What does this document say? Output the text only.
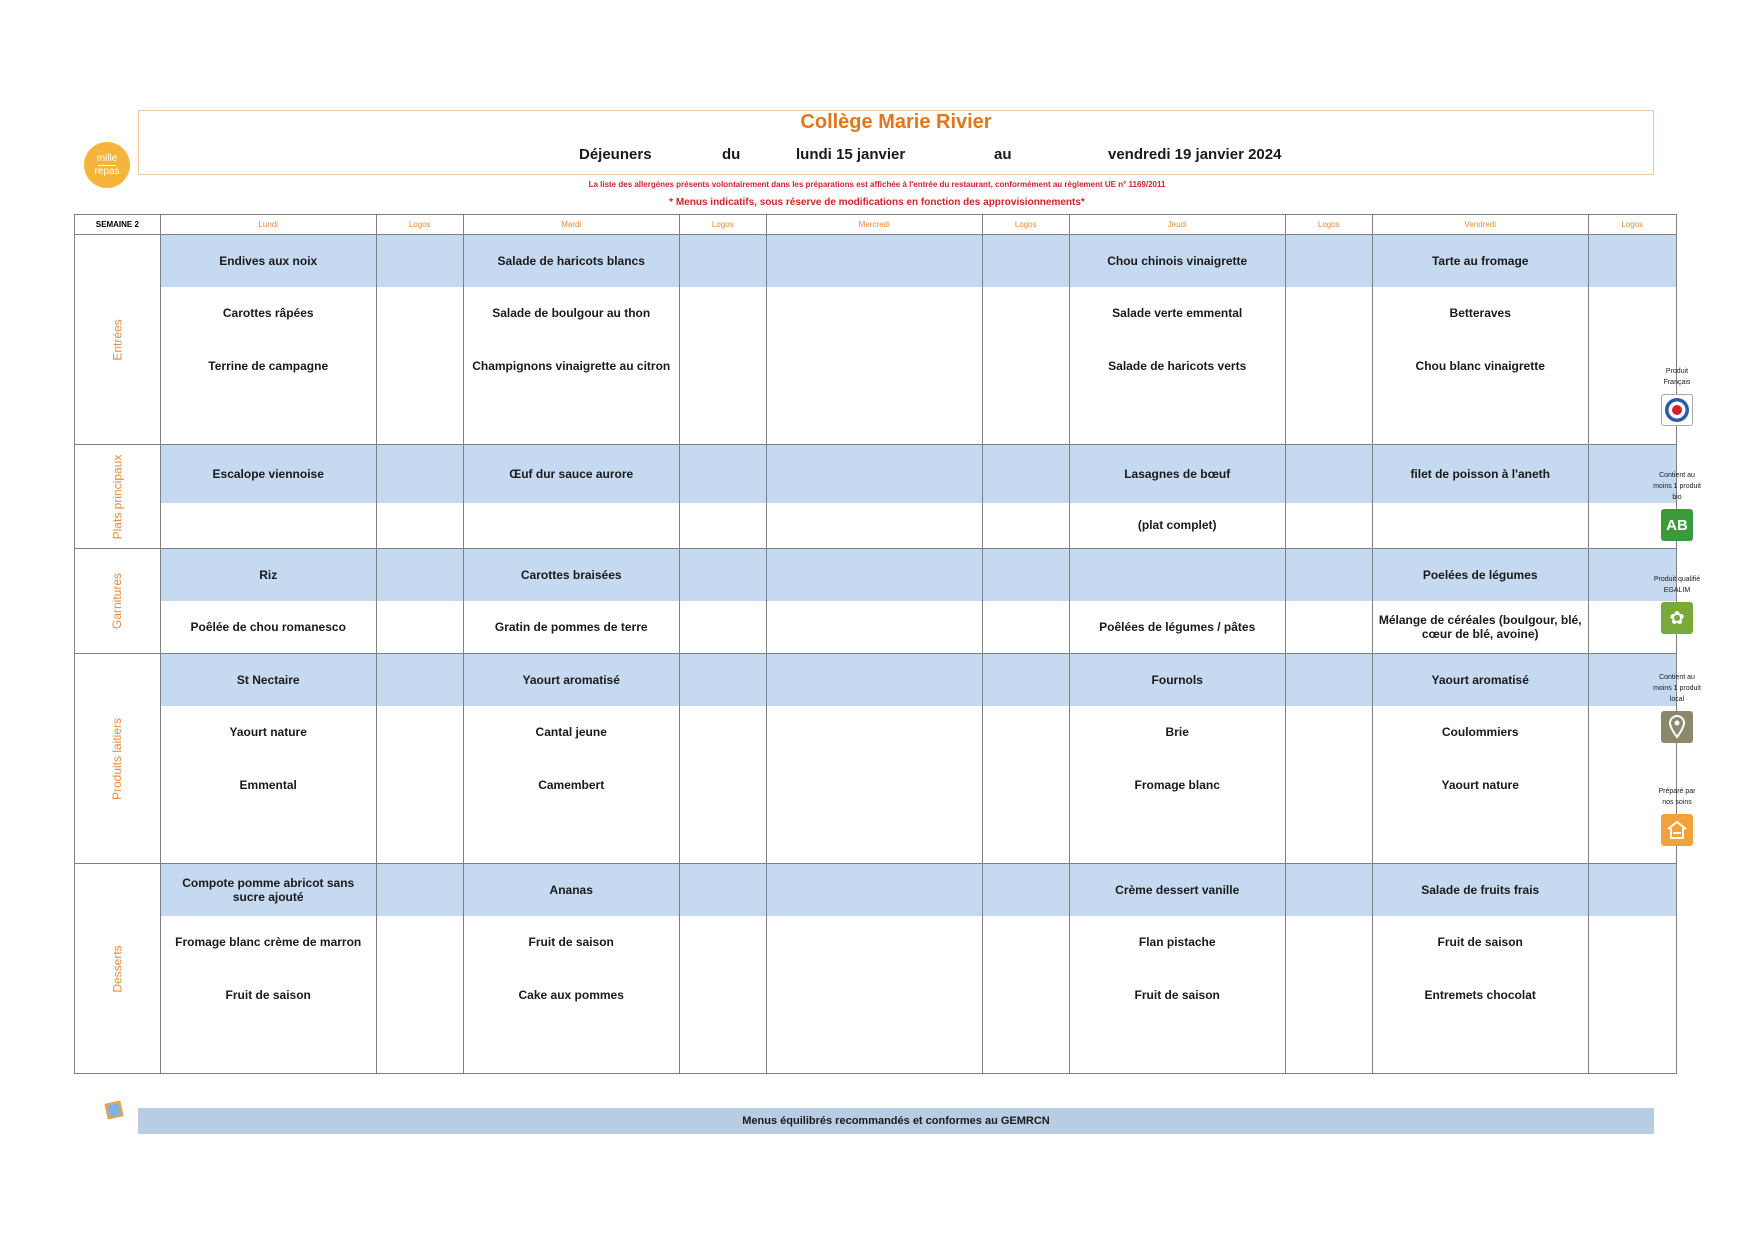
mille
repas
Collège Marie Rivier
Déjeuners	du	lundi 15 janvier	au	vendredi 19 janvier 2024
La liste des allergènes présents volontairement dans les préparations est affichée à l'entrée du restaurant, conformément au règlement UE n° 1169/2011
* Menus indicatifs, sous réserve de modifications en fonction des approvisionnements*
SEMAINE 2	Lundi	Logos	Mardi	Logos	Mercredi	Logos	Jeudi	Logos	Vendredi	Logos
Entrées	Endives aux noix		Salade de haricots blancs				Chou chinois vinaigrette		Tarte au fromage	
	Carottes râpées		Salade de boulgour au thon				Salade verte emmental		Betteraves	
	Terrine de campagne		Champignons vinaigrette au citron				Salade de haricots verts		Chou blanc vinaigrette	

Plats principaux	Escalope viennoise		Œuf dur sauce aurore				Lasagnes de bœuf		filet de poisson à l'aneth	
							(plat complet)			
Garnitures	Riz		Carottes braisées						Poelées de légumes	
	Poêlée de chou romanesco		Gratin de pommes de terre				Poêlées de légumes / pâtes		Mélange de céréales (boulgour, blé, cœur de blé, avoine)	
Produits laitiers	St Nectaire		Yaourt aromatisé				Fournols		Yaourt aromatisé	
	Yaourt nature		Cantal jeune				Brie		Coulommiers	
	Emmental		Camembert				Fromage blanc		Yaourt nature	

Desserts	Compote pomme abricot sans sucre ajouté		Ananas				Crème dessert vanille		Salade de fruits frais	
	Fromage blanc crème de marron		Fruit de saison				Flan pistache		Fruit de saison	
	Fruit de saison		Cake aux pommes				Fruit de saison		Entremets chocolat	

Produit Français
Contient au moins 1 produit bio
AB
Produit qualifié EGALIM
✿
Contient au moins 1 produit local
Préparé par nos soins
Menus équilibrés recommandés et conformes au GEMRCN
